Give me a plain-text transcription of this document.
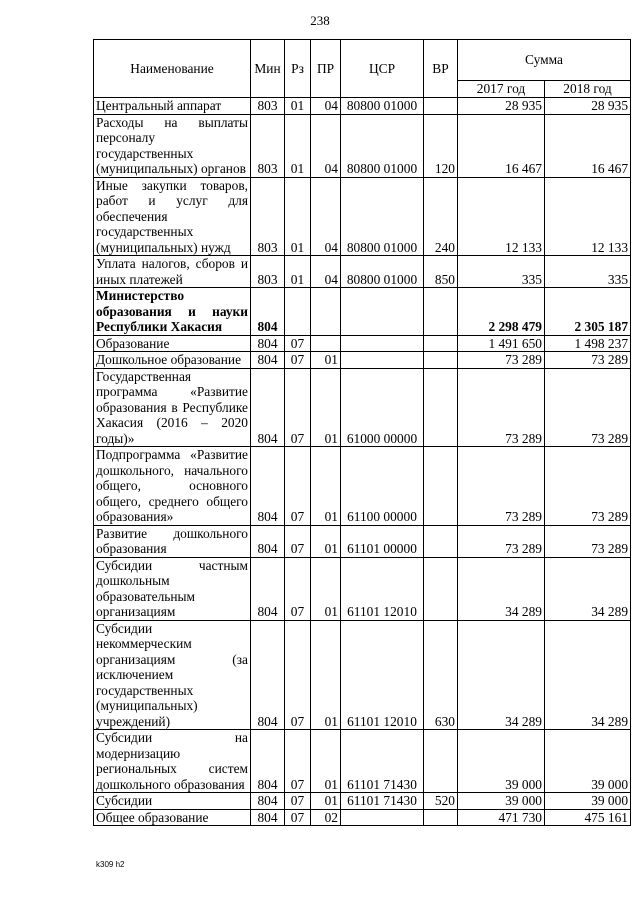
238
Наименование	Мин	Рз	ПР	ЦСР	ВР	Сумма	
						2017 год	2018 год
Центральный аппарат	803	01	04	80800 01000		28 935	28 935
Расходы на выплаты персоналу государственных (муниципальных) органов	803	01	04	80800 01000	120	16 467	16 467
Иные закупки товаров, работ и услуг для обеспечения государственных (муниципальных) нужд	803	01	04	80800 01000	240	12 133	12 133
Уплата налогов, сборов и иных платежей	803	01	04	80800 01000	850	335	335
Министерство образования и науки Республики Хакасия	804					2 298 479	2 305 187
Образование	804	07				1 491 650	1 498 237
Дошкольное образование	804	07	01			73 289	73 289
Государственная программа «Развитие образования в Республике Хакасия (2016 – 2020 годы)»	804	07	01	61000 00000		73 289	73 289
Подпрограмма «Развитие дошкольного, начального общего, основного общего, среднего общего образования»	804	07	01	61100 00000		73 289	73 289
Развитие дошкольного образования	804	07	01	61101 00000		73 289	73 289
Субсидии частным дошкольным образовательным организациям	804	07	01	61101 12010		34 289	34 289
Субсидии некоммерческим организациям (за исключением государственных (муниципальных) учреждений)	804	07	01	61101 12010	630	34 289	34 289
Субсидии на модернизацию региональных систем дошкольного образования	804	07	01	61101 71430		39 000	39 000
Субсидии	804	07	01	61101 71430	520	39 000	39 000
Общее образование	804	07	02			471 730	475 161
k309 h2
